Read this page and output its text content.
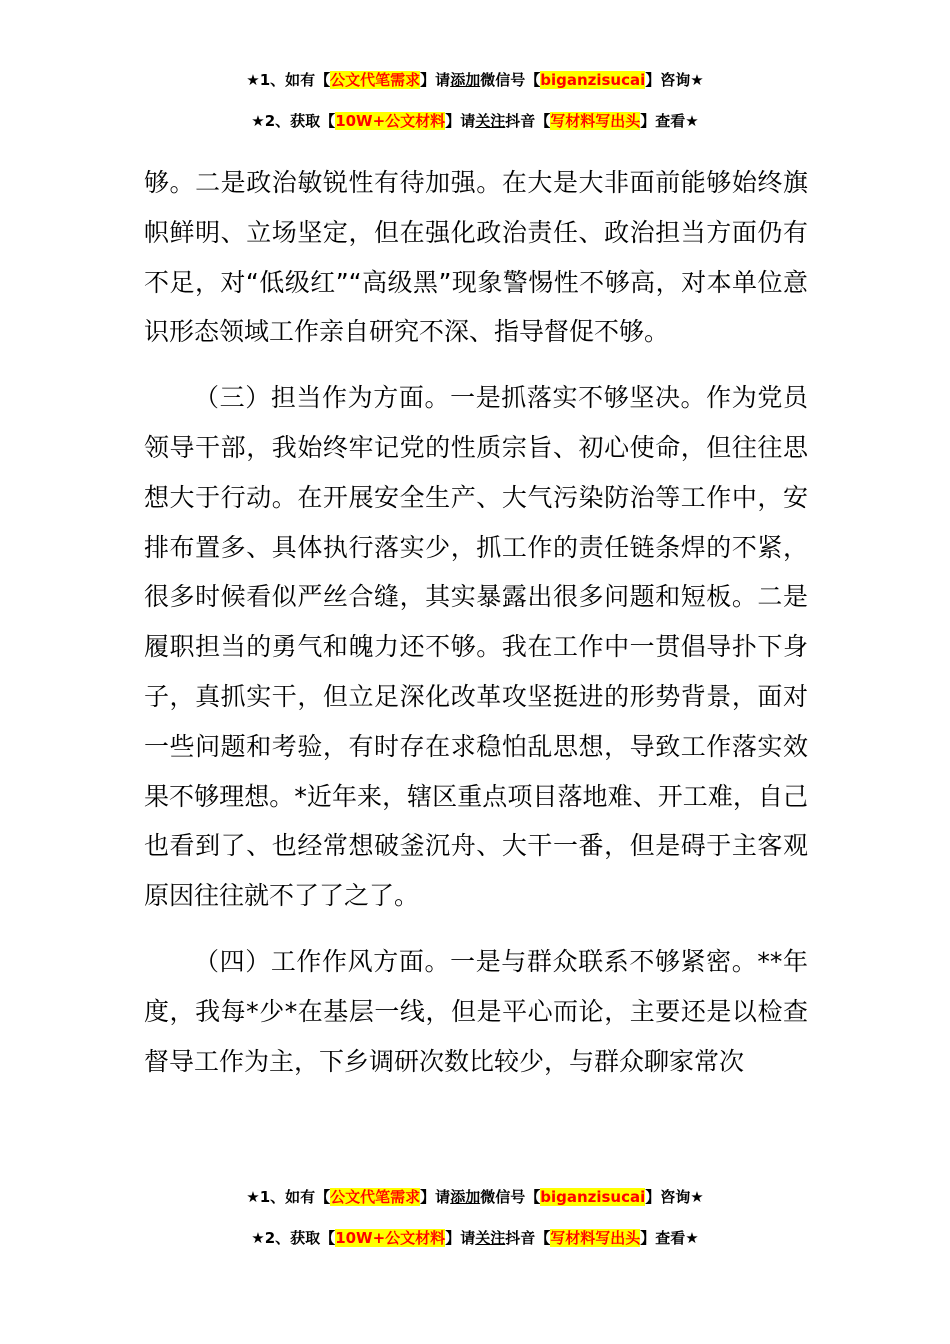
★1、如有【公文代笔需求】请添加微信号【biganzisucai】咨询★
★2、获取【10W+公文材料】请关注抖音【写材料写出头】查看★

够。二是政治敏锐性有待加强。在大是大非面前能够始终旗帜鲜明、立场坚定，但在强化政治责任、政治担当方面仍有不足，对“低级红”“高级黑”现象警惕性不够高，对本单位意识形态领域工作亲自研究不深、指导督促不够。

（三）担当作为方面。一是抓落实不够坚决。作为党员领导干部，我始终牢记党的性质宗旨、初心使命，但往往思想大于行动。在开展安全生产、大气污染防治等工作中，安排布置多、具体执行落实少，抓工作的责任链条焊的不紧，很多时候看似严丝合缝，其实暴露出很多问题和短板。二是履职担当的勇气和魄力还不够。我在工作中一贯倡导扑下身子，真抓实干，但立足深化改革攻坚挺进的形势背景，面对一些问题和考验，有时存在求稳怕乱思想，导致工作落实效果不够理想。*近年来，辖区重点项目落地难、开工难，自己也看到了、也经常想破釜沉舟、大干一番，但是碍于主客观原因往往就不了了之了。

（四）工作作风方面。一是与群众联系不够紧密。**年度，我每*少*在基层一线，但是平心而论，主要还是以检查督导工作为主，下乡调研次数比较少，与群众聊家常次

★1、如有【公文代笔需求】请添加微信号【biganzisucai】咨询★
★2、获取【10W+公文材料】请关注抖音【写材料写出头】查看★
